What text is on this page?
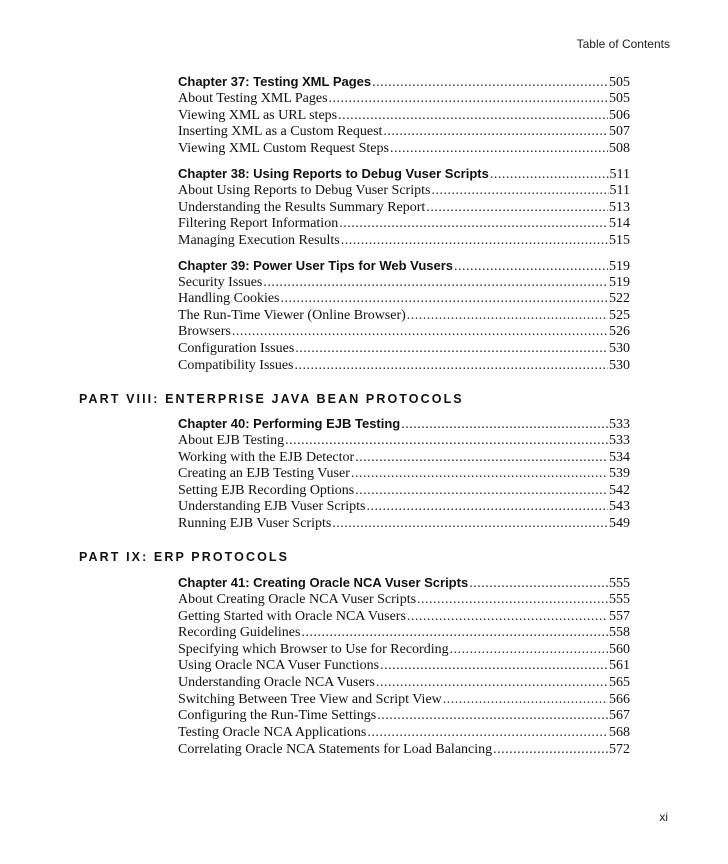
Table of Contents
Chapter 37: Testing XML Pages .....	505
About Testing XML Pages .....	505
Viewing XML as URL steps .....	506
Inserting XML as a Custom Request .....	507
Viewing XML Custom Request Steps .....	508
Chapter 38: Using Reports to Debug Vuser Scripts .....	511
About Using Reports to Debug Vuser Scripts .....	511
Understanding the Results Summary Report .....	513
Filtering Report Information .....	514
Managing Execution Results .....	515
Chapter 39: Power User Tips for Web Vusers .....	519
Security Issues .....	519
Handling Cookies .....	522
The Run-Time Viewer (Online Browser) .....	525
Browsers .....	526
Configuration Issues .....	530
Compatibility Issues .....	530
PART VIII: ENTERPRISE JAVA BEAN PROTOCOLS
Chapter 40: Performing EJB Testing .....	533
About EJB Testing .....	533
Working with the EJB Detector .....	534
Creating an EJB Testing Vuser .....	539
Setting EJB Recording Options .....	542
Understanding EJB Vuser Scripts .....	543
Running EJB Vuser Scripts .....	549
PART IX: ERP PROTOCOLS
Chapter 41: Creating Oracle NCA Vuser Scripts .....	555
About Creating Oracle NCA Vuser Scripts .....	555
Getting Started with Oracle NCA Vusers .....	557
Recording Guidelines .....	558
Specifying which Browser to Use for Recording .....	560
Using Oracle NCA Vuser Functions .....	561
Understanding Oracle NCA Vusers .....	565
Switching Between Tree View and Script View .....	566
Configuring the Run-Time Settings .....	567
Testing Oracle NCA Applications .....	568
Correlating Oracle NCA Statements for Load Balancing .....	572
xi
